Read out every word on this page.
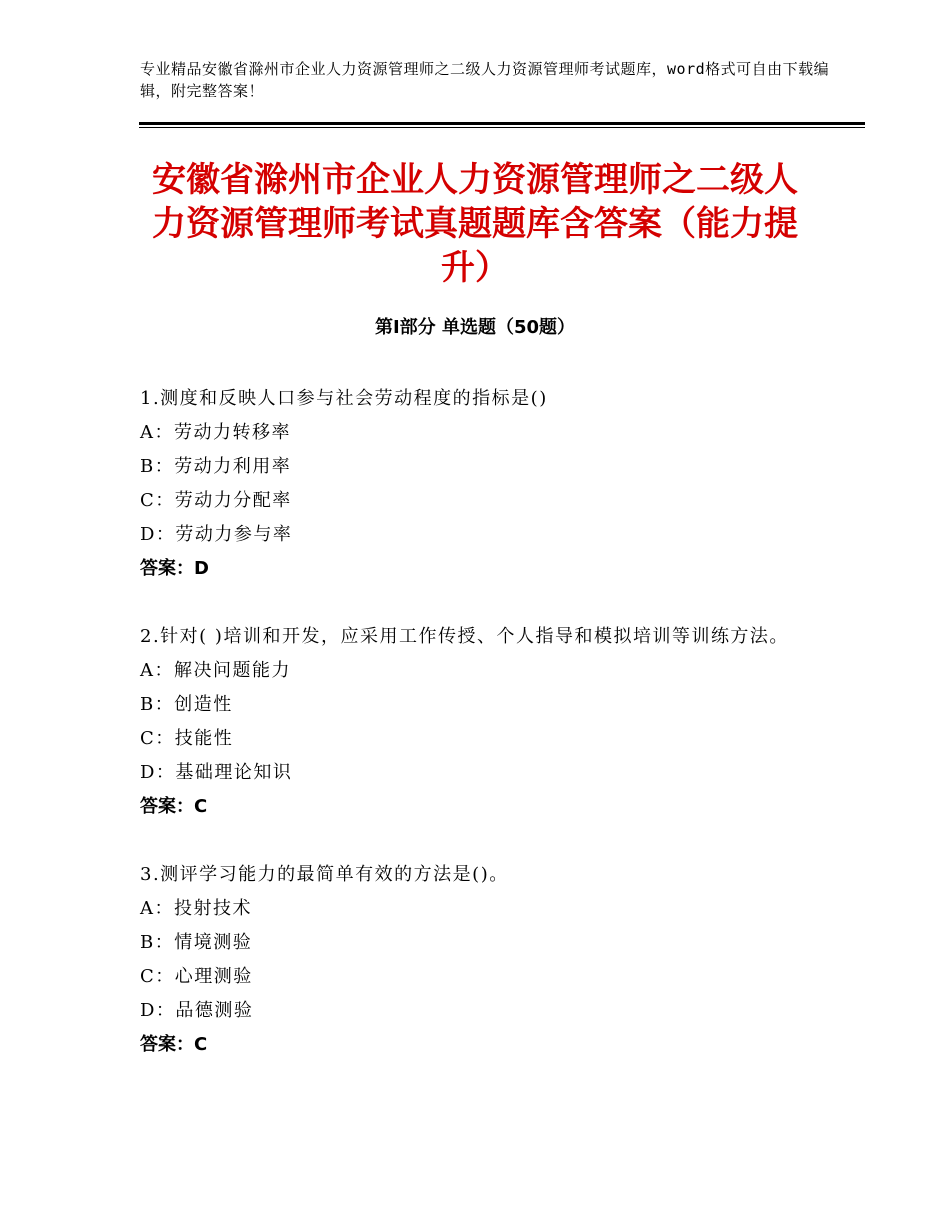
专业精品安徽省滁州市企业人力资源管理师之二级人力资源管理师考试题库，word格式可自由下载编辑，附完整答案！
安徽省滁州市企业人力资源管理师之二级人力资源管理师考试真题题库含答案（能力提升）
第Ⅰ部分 单选题（50题）
1.测度和反映人口参与社会劳动程度的指标是()
A：劳动力转移率
B：劳动力利用率
C：劳动力分配率
D：劳动力参与率
答案：D
2.针对( )培训和开发，应采用工作传授、个人指导和模拟培训等训练方法。
A：解决问题能力
B：创造性
C：技能性
D：基础理论知识
答案：C
3.测评学习能力的最简单有效的方法是()。
A：投射技术
B：情境测验
C：心理测验
D：品德测验
答案：C
